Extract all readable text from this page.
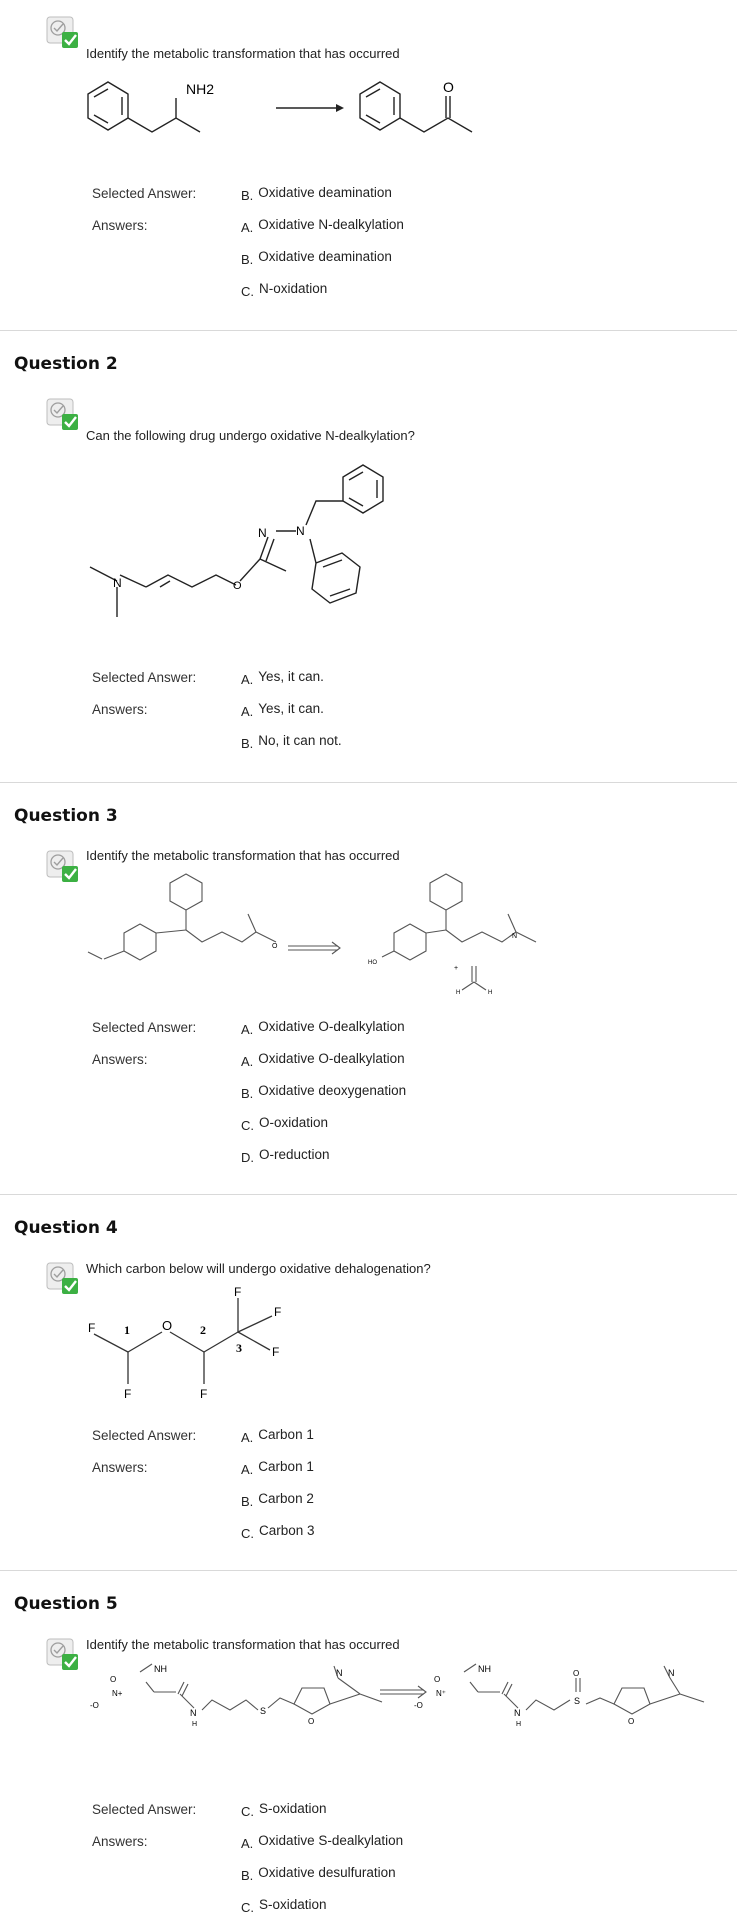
Identify the metabolic transformation that has occurred
NH2	O
Selected Answer:	B. Oxidative deamination
Answers:	A. Oxidative N-dealkylation
B. Oxidative deamination
C. N-oxidation
Question 2
Can the following drug undergo oxidative N-dealkylation?
N N
N	O
Selected Answer:	A. Yes, it can.
Answers:	A. Yes, it can.
B. No, it can not.
Question 3
Identify the metabolic transformation that has occurred
HO
O
N
H	H
+
Selected Answer:	A. Oxidative O-dealkylation
Answers:	A. Oxidative O-dealkylation
B. Oxidative deoxygenation
C. O-oxidation
D. O-reduction
Question 4
Which carbon below will undergo oxidative dehalogenation?
F 1 O 2
3
F
F
F
F	F
Selected Answer:	A. Carbon 1
Answers:	A. Carbon 1
B. Carbon 2
C. Carbon 3
Question 5
Identify the metabolic transformation that has occurred
NH
O
N+
-O
N
H
S
O
N	O
S
NH
O
N⁺
-O
N
H	O
N
Selected Answer:	C. S-oxidation
Answers:	A. Oxidative S-dealkylation
B. Oxidative desulfuration
C. S-oxidation
